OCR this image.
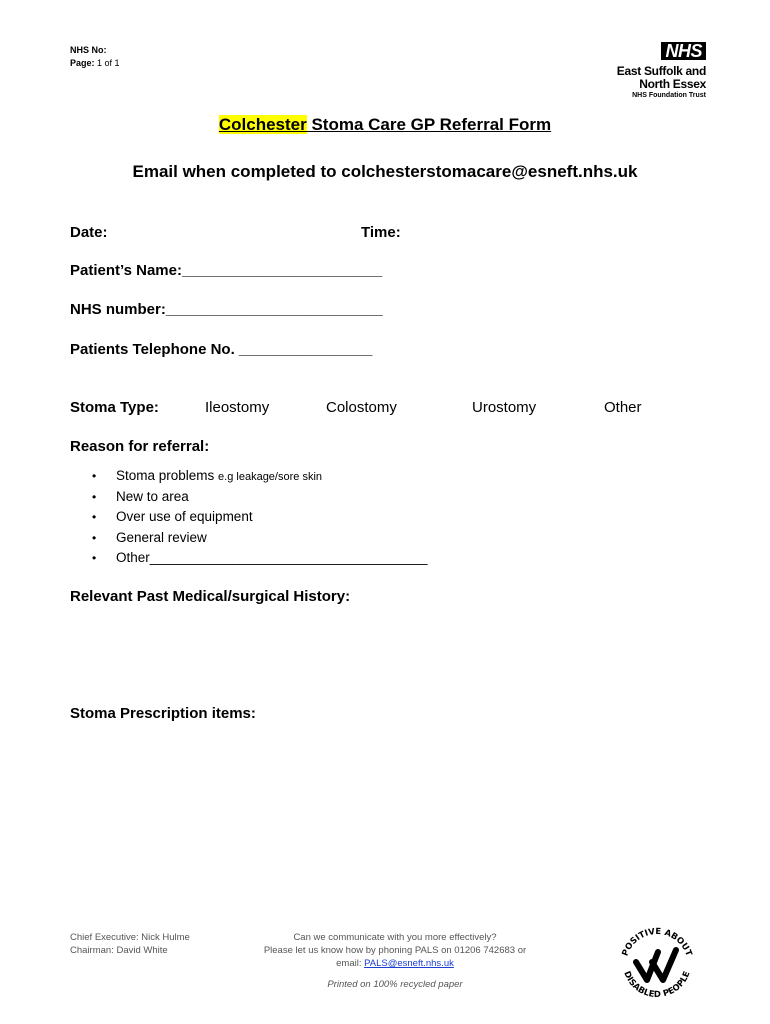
NHS No:
Page: 1 of 1
NHS
East Suffolk and
North Essex
NHS Foundation Trust
Colchester Stoma Care GP Referral Form
Email when completed to colchesterstomacare@esneft.nhs.uk
Date:	Time:
Patient’s Name:________________________
NHS number:__________________________
Patients Telephone No. ________________
Stoma Type:	Ileostomy	Colostomy	Urostomy	Other
Reason for referral:
• Stoma problems e.g leakage/sore skin
• New to area
• Over use of equipment
• General review
• Other_____________________________________
Relevant Past Medical/surgical History:
Stoma Prescription items:
Chief Executive: Nick Hulme
Chairman: David White
Can we communicate with you more effectively?
Please let us know how by phoning PALS on 01206 742683 or
email: PALS@esneft.nhs.uk
Printed on 100% recycled paper
POSITIVE ABOUT
DISABLED PEOPLE
